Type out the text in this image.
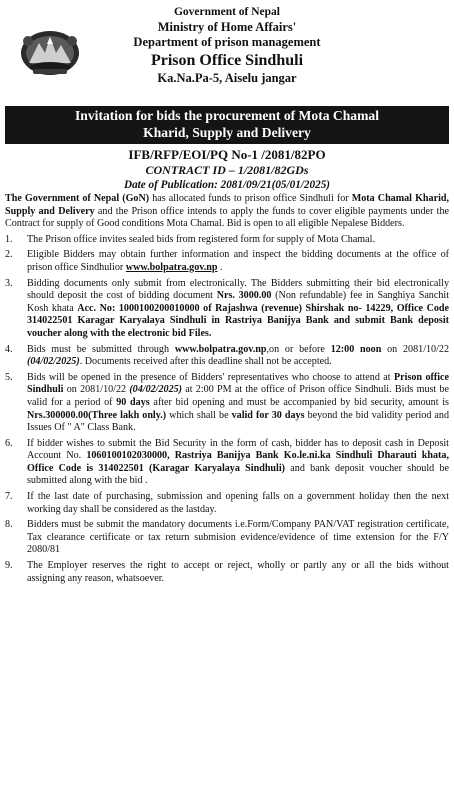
Government of Nepal
Ministry of Home Affairs'
Department of prison management
Prison Office Sindhuli
Ka.Na.Pa-5, Aiselu jangar
Invitation for bids the procurement of Mota Chamal
Kharid, Supply and Delivery
IFB/RFP/EOI/PQ No-1 /2081/82PO
CONTRACT ID – 1/2081/82GDs
Date of Publication: 2081/09/21(05/01/2025)

The Government of Nepal (GoN) has allocated funds to prison office Sindhuli for Mota Chamal Kharid, Supply and Delivery and the Prison office intends to apply the funds to cover eligible payments under the Contract for supply of Good conditions Mota Chamal. Bid is open to all eligible Nepalese Bidders.

1.	The Prison office invites sealed bids from registered form for supply of Mota Chamal.
2.	Eligible Bidders may obtain further information and inspect the bidding documents at the office of prison office Sindhulior www.bolpatra.gov.np .
3.	Bidding documents only submit from electronically. The Bidders submitting their bid electronically should deposit the cost of bidding document Nrs. 3000.00 (Non refundable) fee in Sanghiya Sanchit Kosh khata Acc. No: 1000100200010000 of Rajashwa (revenue) Shirshak no- 14229, Office Code 314022501 Karagar Karyalaya Sindhuli in Rastriya Banijya Bank and submit Bank deposit voucher along with the electronic bid Files.
4.	Bids must be submitted through www.bolpatra.gov.np,on or before 12:00 noon on 2081/10/22 (04/02/2025). Documents received after this deadline shall not be accepted.
5.	Bids will be opened in the presence of Bidders' representatives who choose to attend at Prison office Sindhuli on 2081/10/22 (04/02/2025) at 2:00 PM at the office of Prison office Sindhuli. Bids must be valid for a period of 90 days after bid opening and must be accompanied by bid security, amount is Nrs.300000.00(Three lakh only.) which shall be valid for 30 days beyond the bid validity period and Issues Of " A" Class Bank.
6.	If bidder wishes to submit the Bid Security in the form of cash, bidder has to deposit cash in Deposit Account No. 1060100102030000, Rastriya Banijya Bank Ko.le.ni.ka Sindhuli Dharauti khata, Office Code is 314022501 (Karagar Karyalaya Sindhuli) and bank deposit voucher should be submitted along with the bid .
7.	If the last date of purchasing, submission and opening falls on a government holiday then the next working day shall be considered as the lastday.
8.	Bidders must be submit the mandatory documents i.e.Form/Company PAN/VAT registration certificate, Tax clearance certificate or tax return submision evidence/evidence of time extension for the F/Y 2080/81
9.	The Employer reserves the right to accept or reject, wholly or partly any or all the bids without assigning any reason, whatsoever.
